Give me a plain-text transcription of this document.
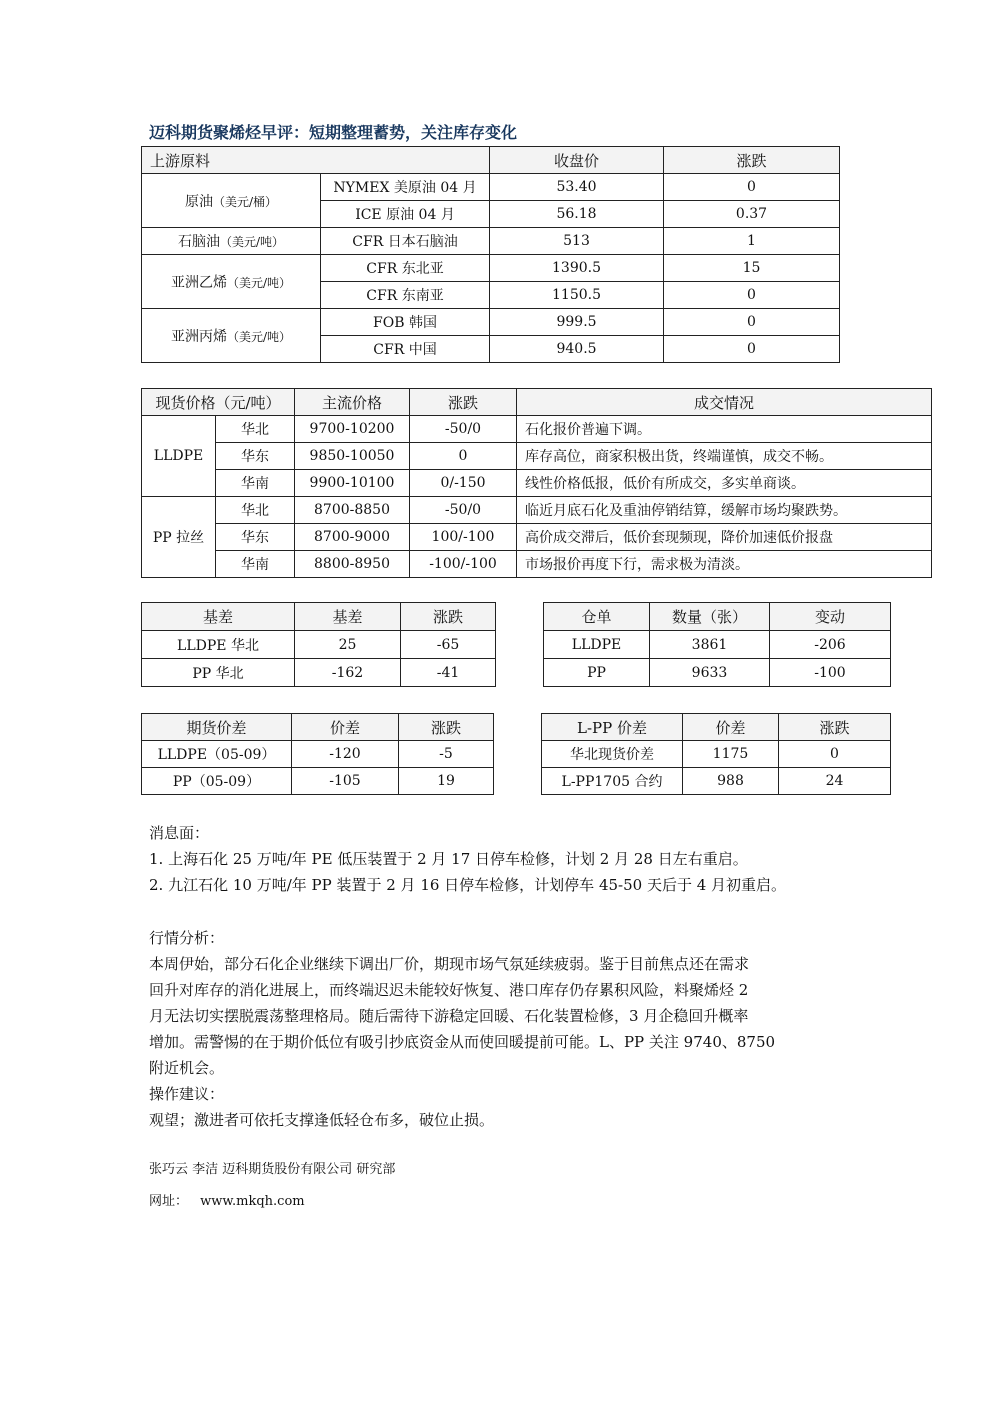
迈科期货聚烯烃早评：短期整理蓄势，关注库存变化
上游原料		收盘价	涨跌
原油（美元/桶）	NYMEX 美原油 04 月	53.40	0
	ICE 原油 04 月	56.18	0.37
石脑油（美元/吨）	CFR 日本石脑油	513	1
亚洲乙烯（美元/吨）	CFR 东北亚	1390.5	15
	CFR 东南亚	1150.5	0
亚洲丙烯（美元/吨）	FOB 韩国	999.5	0
	CFR 中国	940.5	0
现货价格（元/吨）		主流价格	涨跌	成交情况
LLDPE	华北	9700-10200	-50/0	石化报价普遍下调。
	华东	9850-10050	0	库存高位，商家积极出货，终端谨慎，成交不畅。
	华南	9900-10100	0/-150	线性价格低报，低价有所成交，多实单商谈。
PP 拉丝	华北	8700-8850	-50/0	临近月底石化及重油停销结算，缓解市场均聚跌势。
	华东	8700-9000	100/-100	高价成交滞后，低价套现频现，降价加速低价报盘
	华南	8800-8950	-100/-100	市场报价再度下行，需求极为清淡。
基差	基差	涨跌
LLDPE 华北	25	-65
PP 华北	-162	-41
仓单	数量（张）	变动
LLDPE	3861	-206
PP	9633	-100
期货价差	价差	涨跌
LLDPE（05-09）	-120	-5
PP（05-09）	-105	19
L-PP 价差	价差	涨跌
华北现货价差	1175	0
L-PP1705 合约	988	24
消息面：
1. 上海石化 25 万吨/年 PE 低压装置于 2 月 17 日停车检修，计划 2 月 28 日左右重启。
2. 九江石化 10 万吨/年 PP 装置于 2 月 16 日停车检修，计划停车 45-50 天后于 4 月初重启。
行情分析：
本周伊始，部分石化企业继续下调出厂价，期现市场气氛延续疲弱。鉴于目前焦点还在需求
回升对库存的消化进展上，而终端迟迟未能较好恢复、港口库存仍存累积风险，料聚烯烃 2
月无法切实摆脱震荡整理格局。随后需待下游稳定回暖、石化装置检修，3 月企稳回升概率
增加。需警惕的在于期价低位有吸引抄底资金从而使回暖提前可能。L、PP 关注 9740、8750
附近机会。
操作建议：
观望；激进者可依托支撑逢低轻仓布多，破位止损。
张巧云 李洁 迈科期货股份有限公司 研究部
网址： www.mkqh.com
